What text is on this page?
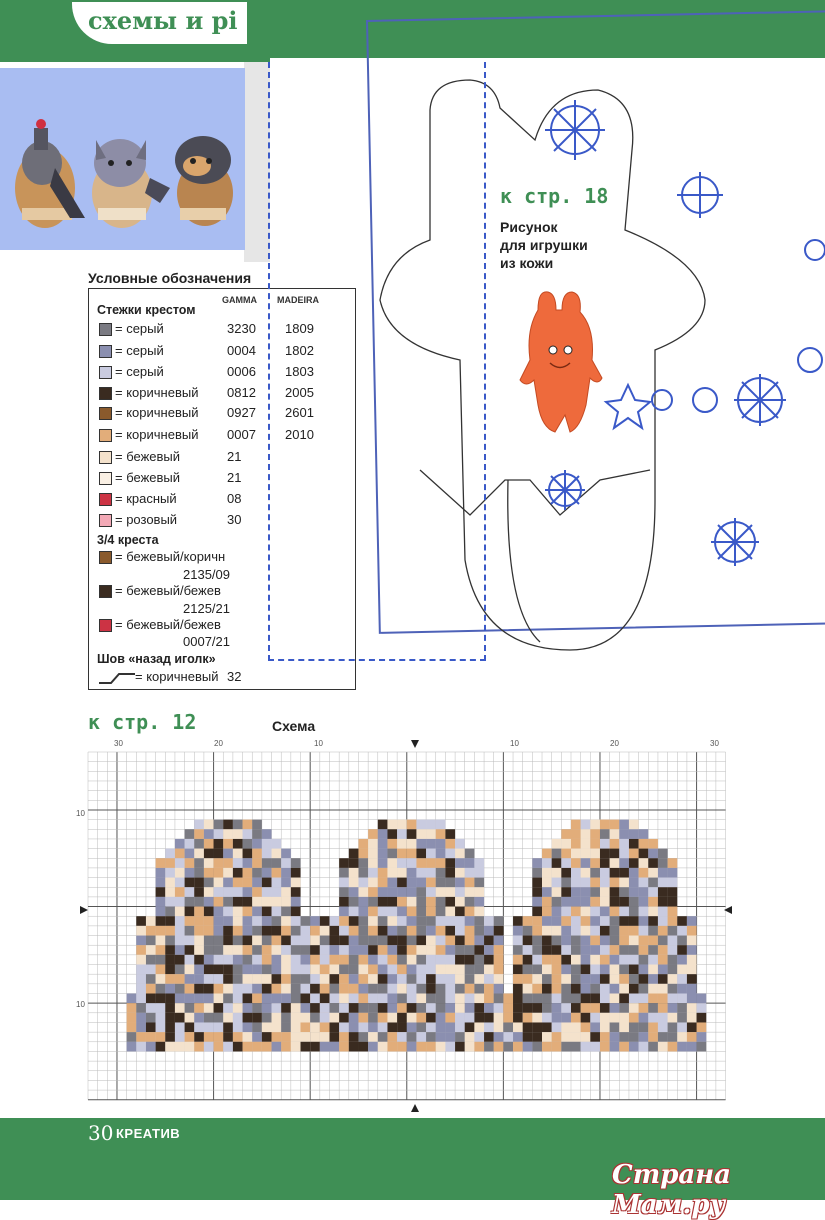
схемы и рі
Условные обозначения
GAMMA MADEIRA
Стежки крестом
= серый	3230 1809
= серый	0004 1802
= серый	0006 1803
= коричневый 0812 2005
= коричневый 0927 2601
= коричневый 0007 2010
= бежевый	21
= бежевый	21
= красный	08
= розовый	30
3/4 креста
= бежевый/коричн
2135/09
= бежевый/бежев
2125/21
= бежевый/бежев
0007/21
Шов «назад иголк»
= коричневый 32
к стр. 18
Рисунок
для игрушки
из кожи
к стр. 12	Схема
30	20	10	10	20	30
10
10
30 КРЕАТИВ
Страна Мам.ру
